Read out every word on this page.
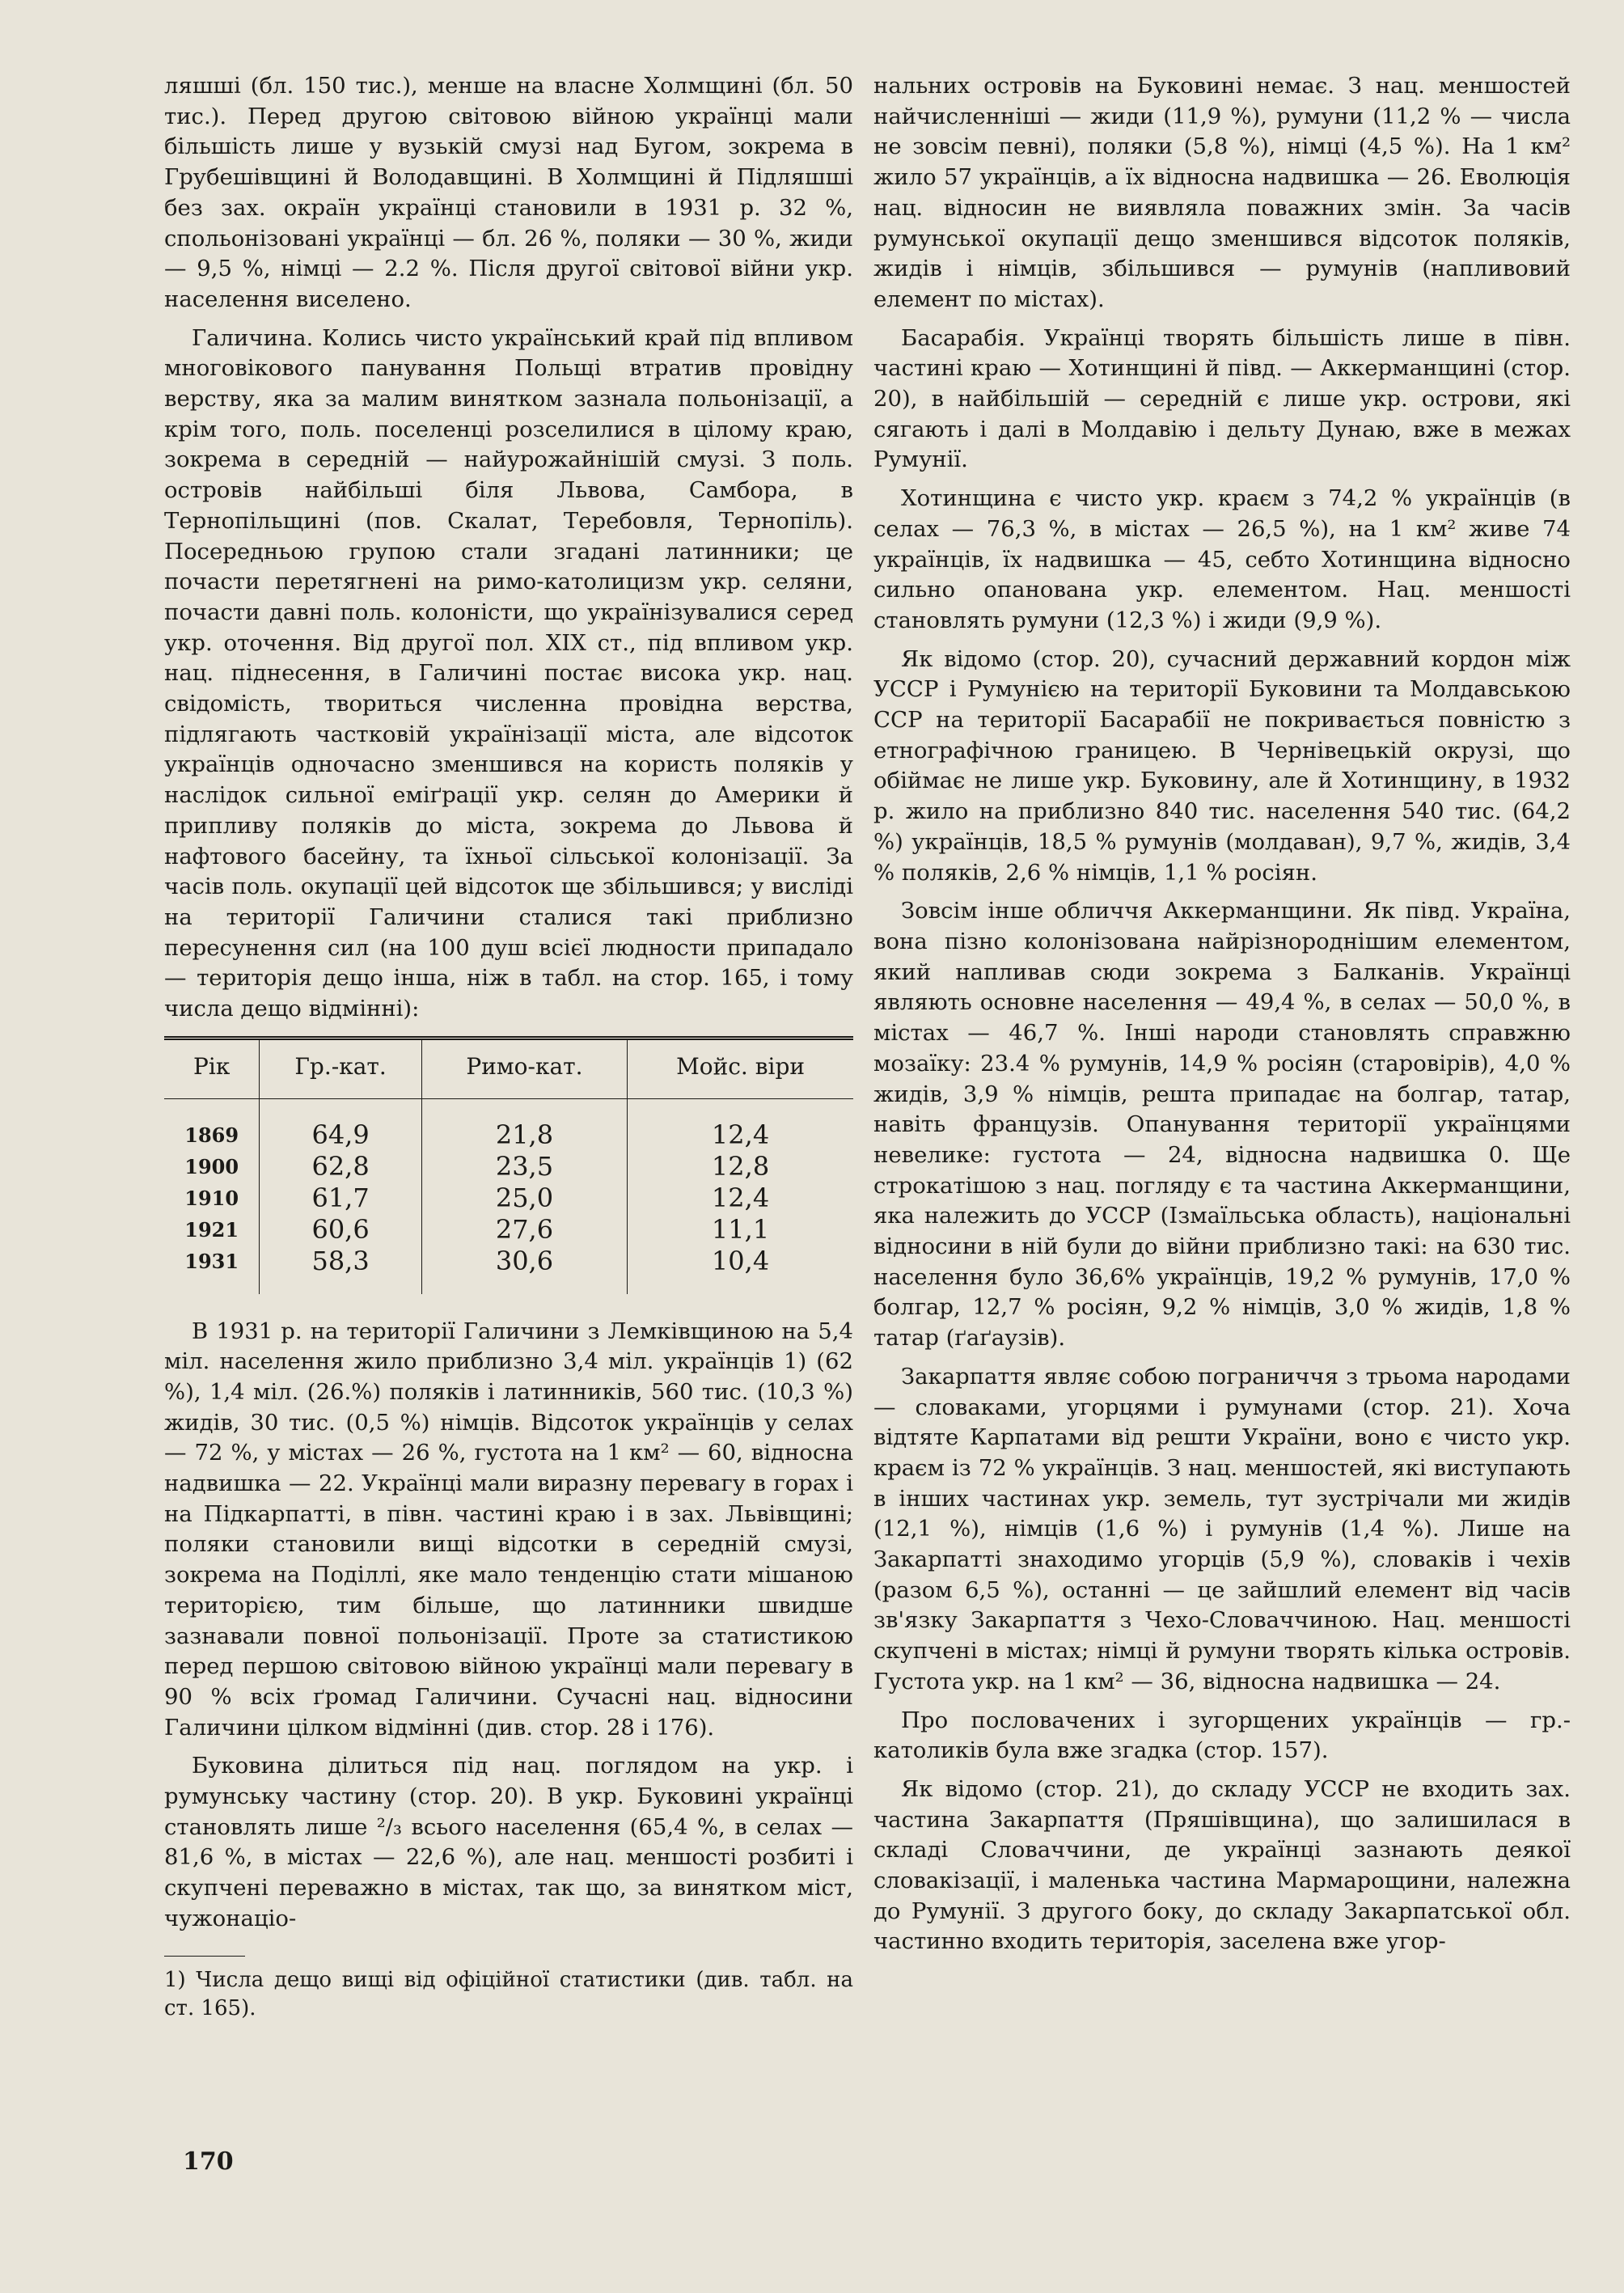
ляшші (бл. 150 тис.), менше на власне Холмщині (бл. 50 тис.). Перед другою світовою війною українці мали більшість лише у вузькій смузі над Бугом, зокрема в Грубешівщині й Володавщині. В Холмщині й Підляшші без зах. окраїн українці становили в 1931 р. 32 %, спольонізовані українці — бл. 26 %, поляки — 30 %, жиди — 9,5 %, німці — 2.2 %. Після другої світової війни укр. населення виселено.

Галичина. Колись чисто український край під впливом многовікового панування Польщі втратив провідну верству, яка за малим винятком зазнала польонізації, а крім того, поль. поселенці розселилися в цілому краю, зокрема в середній — найурожайнішій смузі. З поль. островів найбільші біля Львова, Самбора, в Тернопільщині (пов. Скалат, Теребовля, Тернопіль). Посередньою групою стали згадані латинники; це почасти перетягнені на римо-католицизм укр. селяни, почасти давні поль. колоністи, що українізувалися серед укр. оточення. Від другої пол. XIX ст., під впливом укр. нац. піднесення, в Галичині постає висока укр. нац. свідомість, твориться численна провідна верства, підлягають частковій українізації міста, але відсоток українців одночасно зменшився на користь поляків у наслідок сильної еміґрації укр. селян до Америки й припливу поляків до міста, зокрема до Львова й нафтового басейну, та їхньої сільської колонізації. За часів поль. окупації цей відсоток ще збільшився; у висліді на території Галичини сталися такі приблизно пересунення сил (на 100 душ всієї людности припадало — територія дещо інша, ніж в табл. на стор. 165, і тому числа дещо відмінні):

Рік	Гр.-кат.	Римо-кат.	Мойс. віри
1869	64,9	21,8	12,4
1900	62,8	23,5	12,8
1910	61,7	25,0	12,4
1921	60,6	27,6	11,1
1931	58,3	30,6	10,4

В 1931 р. на території Галичини з Лемківщиною на 5,4 міл. населення жило приблизно 3,4 міл. українців 1) (62 %), 1,4 міл. (26.%) поляків і латинників, 560 тис. (10,3 %) жидів, 30 тис. (0,5 %) німців. Відсоток українців у селах — 72 %, у містах — 26 %, густота на 1 км² — 60, відносна надвишка — 22. Українці мали виразну перевагу в горах і на Підкарпатті, в півн. частині краю і в зах. Львівщині; поляки становили вищі відсотки в середній смузі, зокрема на Поділлі, яке мало тенденцію стати мішаною територією, тим більше, що латинники швидше зазнавали повної польонізації. Проте за статистикою перед першою світовою війною українці мали перевагу в 90 % всіх ґромад Галичини. Сучасні нац. відносини Галичини цілком відмінні (див. стор. 28 і 176).

Буковина ділиться під нац. поглядом на укр. і румунську частину (стор. 20). В укр. Буковині українці становлять лише ²/₃ всього населення (65,4 %, в селах — 81,6 %, в містах — 22,6 %), але нац. меншості розбиті і скупчені переважно в містах, так що, за винятком міст, чужонаціо-

1) Числа дещо вищі від офіційної статистики (див. табл. на ст. 165).

нальних островів на Буковині немає. З нац. меншостей найчисленніші — жиди (11,9 %), румуни (11,2 % — числа не зовсім певні), поляки (5,8 %), німці (4,5 %). На 1 км² жило 57 українців, а їх відносна надвишка — 26. Еволюція нац. відносин не виявляла поважних змін. За часів румунської окупації дещо зменшився відсоток поляків, жидів і німців, збільшився — румунів (напливовий елемент по містах).

Басарабія. Українці творять більшість лише в півн. частині краю — Хотинщині й півд. — Аккерманщині (стор. 20), в найбільшій — середній є лише укр. острови, які сягають і далі в Молдавію і дельту Дунаю, вже в межах Румунії.

Хотинщина є чисто укр. краєм з 74,2 % українців (в селах — 76,3 %, в містах — 26,5 %), на 1 км² живе 74 українців, їх надвишка — 45, себто Хотинщина відносно сильно опанована укр. елементом. Нац. меншості становлять румуни (12,3 %) і жиди (9,9 %).

Як відомо (стор. 20), сучасний державний кордон між УССР і Румунією на території Буковини та Молдавською ССР на території Басарабії не покривається повністю з етнографічною границею. В Чернівецькій окрузі, що обіймає не лише укр. Буковину, але й Хотинщину, в 1932 р. жило на приблизно 840 тис. населення 540 тис. (64,2 %) українців, 18,5 % румунів (молдаван), 9,7 %, жидів, 3,4 % поляків, 2,6 % німців, 1,1 % росіян.

Зовсім інше обличчя Аккерманщини. Як півд. Україна, вона пізно колонізована найрізнороднішим елементом, який напливав сюди зокрема з Балканів. Українці являють основне населення — 49,4 %, в селах — 50,0 %, в містах — 46,7 %. Інші народи становлять справжню мозаїку: 23.4 % румунів, 14,9 % росіян (старовірів), 4,0 % жидів, 3,9 % німців, решта припадає на болгар, татар, навіть французів. Опанування території українцями невелике: густота — 24, відносна надвишка 0. Ще строкатішою з нац. погляду є та частина Аккерманщини, яка належить до УССР (Ізмаїльська область), національні відносини в ній були до війни приблизно такі: на 630 тис. населення було 36,6% українців, 19,2 % румунів, 17,0 % болгар, 12,7 % росіян, 9,2 % німців, 3,0 % жидів, 1,8 % татар (ґаґаузів).

Закарпаття являє собою пограниччя з трьома народами — словаками, угорцями і румунами (стор. 21). Хоча відтяте Карпатами від решти України, воно є чисто укр. краєм із 72 % українців. З нац. меншостей, які виступають в інших частинах укр. земель, тут зустрічали ми жидів (12,1 %), німців (1,6 %) і румунів (1,4 %). Лише на Закарпатті знаходимо угорців (5,9 %), словаків і чехів (разом 6,5 %), останні — це зайшлий елемент від часів зв'язку Закарпаття з Чехо-Словаччиною. Нац. меншості скупчені в містах; німці й румуни творять кілька островів. Густота укр. на 1 км² — 36, відносна надвишка — 24.

Про пословачених і зугорщених українців — гр.-католиків була вже згадка (стор. 157).

Як відомо (стор. 21), до складу УССР не входить зах. частина Закарпаття (Пряшівщина), що залишилася в складі Словаччини, де українці зазнають деякої словакізації, і маленька частина Мармарощини, належна до Румунії. З другого боку, до складу Закарпатської обл. частинно входить територія, заселена вже угор-

170
